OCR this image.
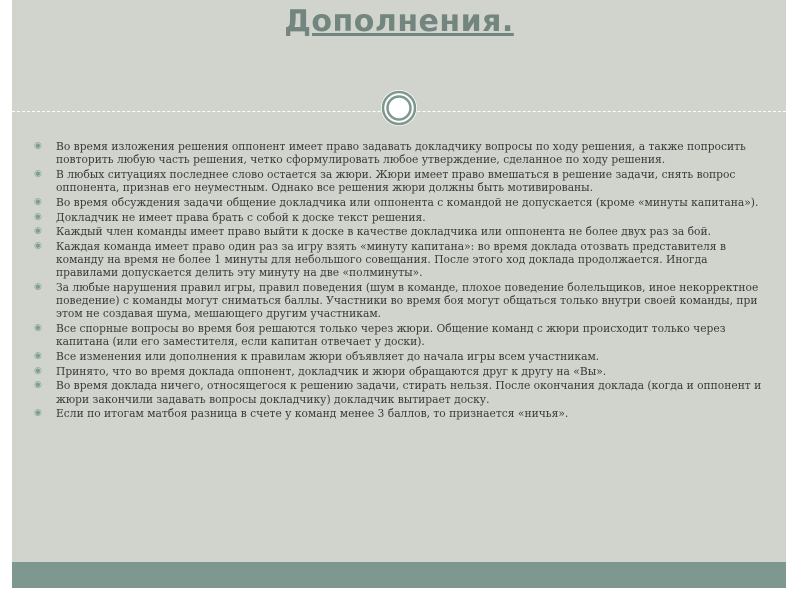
Дополнения.
◉	Во время изложения решения оппонент имеет право задавать докладчику вопросы по ходу решения, а также попросить повторить любую часть решения, четко сформулировать любое утверждение, сделанное по ходу решения.
◉	В любых ситуациях последнее слово остается за жюри. Жюри имеет право вмешаться в решение задачи, снять вопрос оппонента, признав его неуместным. Однако все решения жюри должны быть мотивированы.
◉	Во время обсуждения задачи общение докладчика или оппонента с командой не допускается (кроме «минуты капитана»).
◉	Докладчик не имеет права брать с собой к доске текст решения.
◉	Каждый член команды имеет право выйти к доске в качестве докладчика или оппонента не более двух раз за бой.
◉	Каждая команда имеет право один раз за игру взять «минуту капитана»: во время доклада отозвать представителя в команду на время не более 1 минуты для небольшого совещания. После этого ход доклада продолжается. Иногда правилами допускается делить эту минуту на две «полминуты».
◉	За любые нарушения правил игры, правил поведения (шум в команде, плохое поведение болельщиков, иное некорректное поведение) с команды могут сниматься баллы. Участники во время боя могут общаться только внутри своей команды, при этом не создавая шума, мешающего другим участникам.
◉	Все спорные вопросы во время боя решаются только через жюри. Общение команд с жюри происходит только через капитана (или его заместителя, если капитан отвечает у доски).
◉	Все изменения или дополнения к правилам жюри объявляет до начала игры всем участникам.
◉	Принято, что во время доклада оппонент, докладчик и жюри обращаются друг к другу на «Вы».
◉	Во время доклада ничего, относящегося к решению задачи, стирать нельзя. После окончания доклада (когда и оппонент и жюри закончили задавать вопросы докладчику) докладчик вытирает доску.
◉	Если по итогам матбоя разница в счете у команд менее 3 баллов, то признается «ничья».
